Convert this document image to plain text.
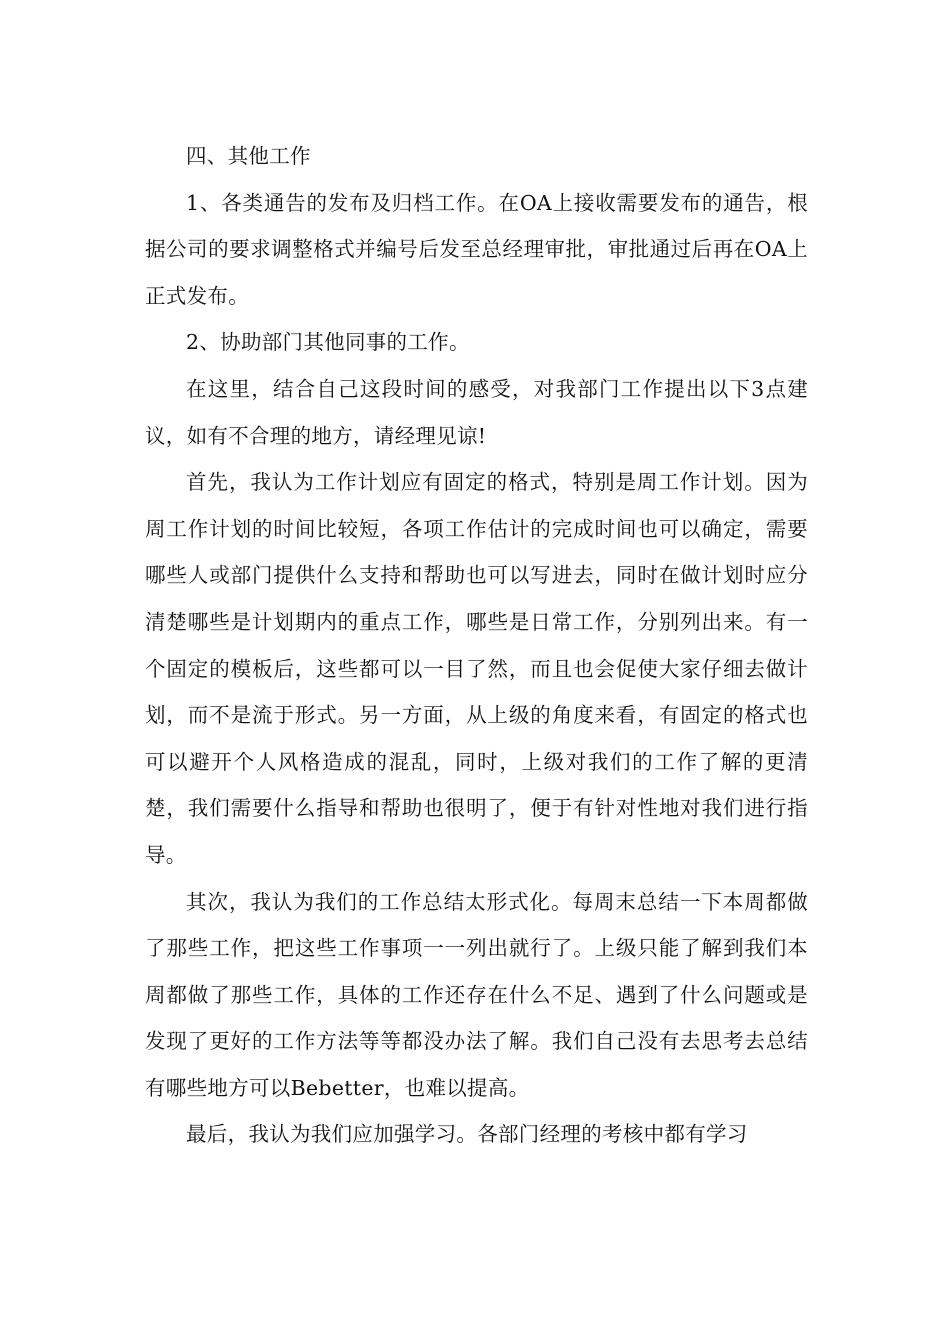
四、其他工作

1、各类通告的发布及归档工作。在OA上接收需要发布的通告，根据公司的要求调整格式并编号后发至总经理审批，审批通过后再在OA上正式发布。

2、协助部门其他同事的工作。

在这里，结合自己这段时间的感受，对我部门工作提出以下3点建议，如有不合理的地方，请经理见谅!

首先，我认为工作计划应有固定的格式，特别是周工作计划。因为周工作计划的时间比较短，各项工作估计的完成时间也可以确定，需要哪些人或部门提供什么支持和帮助也可以写进去，同时在做计划时应分清楚哪些是计划期内的重点工作，哪些是日常工作，分别列出来。有一个固定的模板后，这些都可以一目了然，而且也会促使大家仔细去做计划，而不是流于形式。另一方面，从上级的角度来看，有固定的格式也可以避开个人风格造成的混乱，同时，上级对我们的工作了解的更清楚，我们需要什么指导和帮助也很明了，便于有针对性地对我们进行指导。

其次，我认为我们的工作总结太形式化。每周末总结一下本周都做了那些工作，把这些工作事项一一列出就行了。上级只能了解到我们本周都做了那些工作，具体的工作还存在什么不足、遇到了什么问题或是发现了更好的工作方法等等都没办法了解。我们自己没有去思考去总结有哪些地方可以Bebetter，也难以提高。

最后，我认为我们应加强学习。各部门经理的考核中都有学习
